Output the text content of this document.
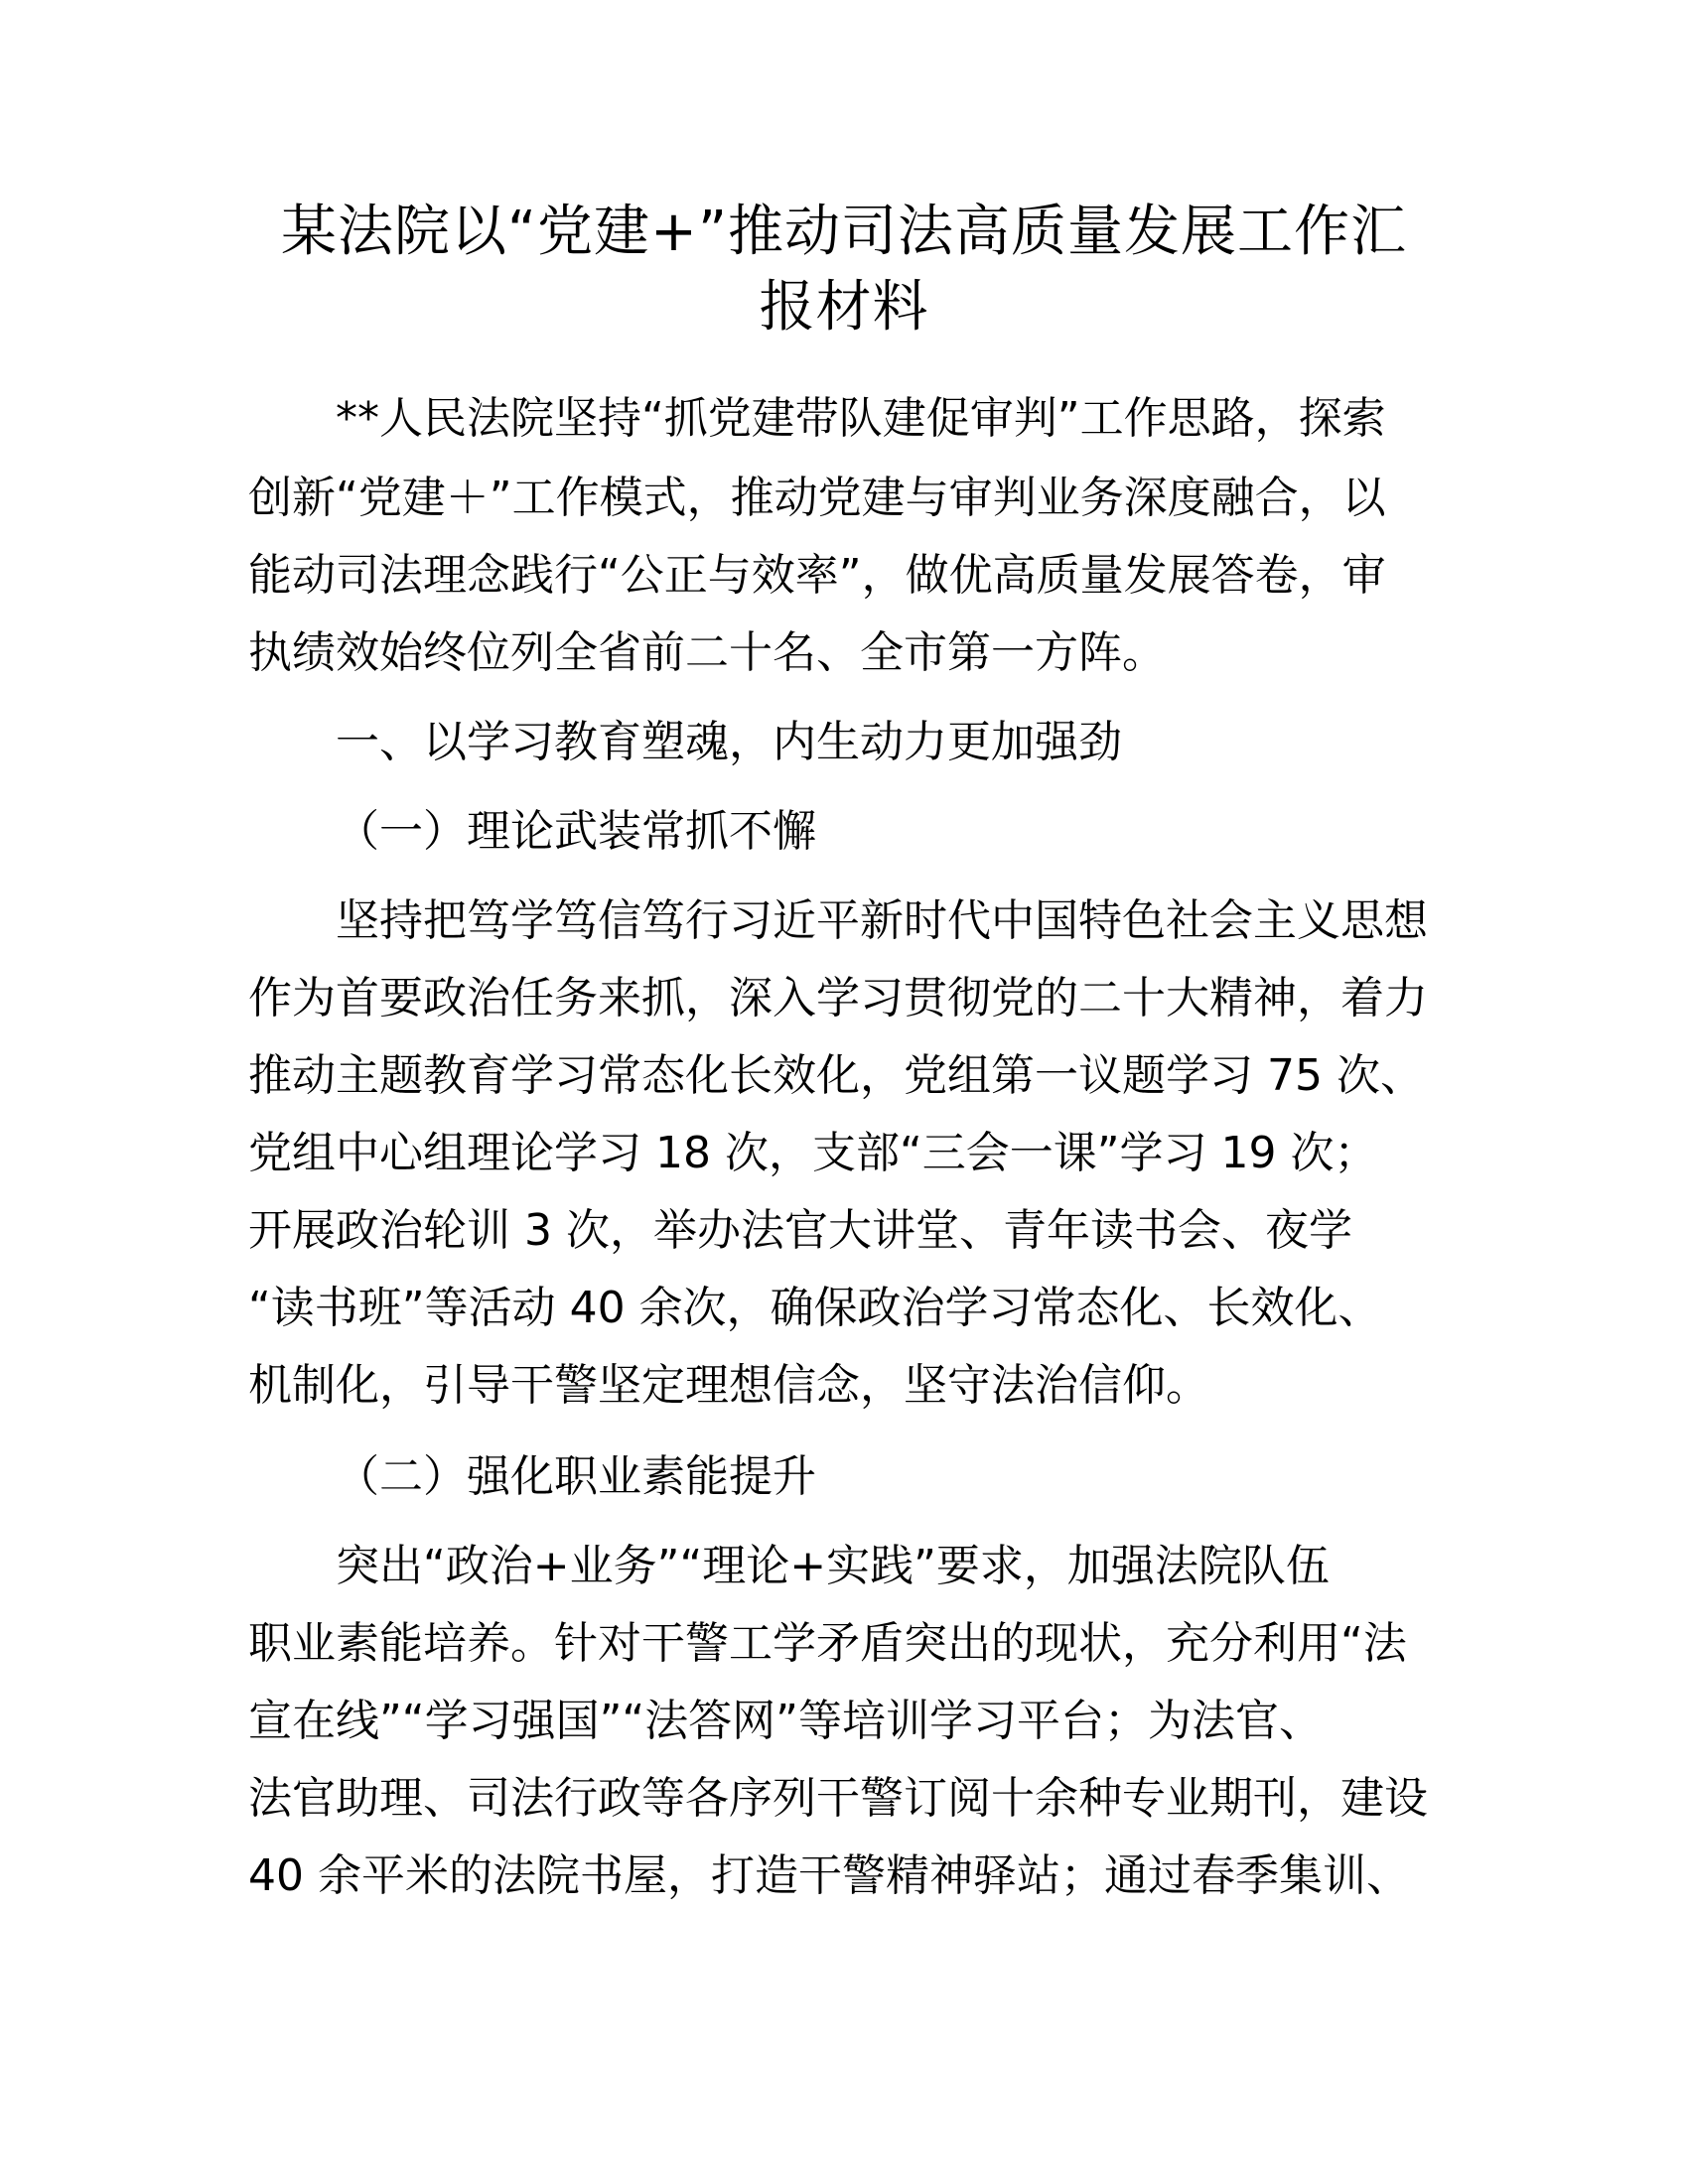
某法院以“党建+”推动司法高质量发展工作汇
报材料
**人民法院坚持“抓党建带队建促审判”工作思路，探索
创新“党建＋”工作模式，推动党建与审判业务深度融合，以
能动司法理念践行“公正与效率”，做优高质量发展答卷，审
执绩效始终位列全省前二十名、全市第一方阵。
一、以学习教育塑魂，内生动力更加强劲
（一）理论武装常抓不懈
坚持把笃学笃信笃行习近平新时代中国特色社会主义思想
作为首要政治任务来抓，深入学习贯彻党的二十大精神，着力
推动主题教育学习常态化长效化，党组第一议题学习 75 次、
党组中心组理论学习 18 次，支部“三会一课”学习 19 次；
开展政治轮训 3 次，举办法官大讲堂、青年读书会、夜学
“读书班”等活动 40 余次，确保政治学习常态化、长效化、
机制化，引导干警坚定理想信念，坚守法治信仰。
（二）强化职业素能提升
突出“政治+业务”“理论+实践”要求，加强法院队伍
职业素能培养。针对干警工学矛盾突出的现状，充分利用“法
宣在线”“学习强国”“法答网”等培训学习平台；为法官、
法官助理、司法行政等各序列干警订阅十余种专业期刊，建设
40 余平米的法院书屋，打造干警精神驿站；通过春季集训、
